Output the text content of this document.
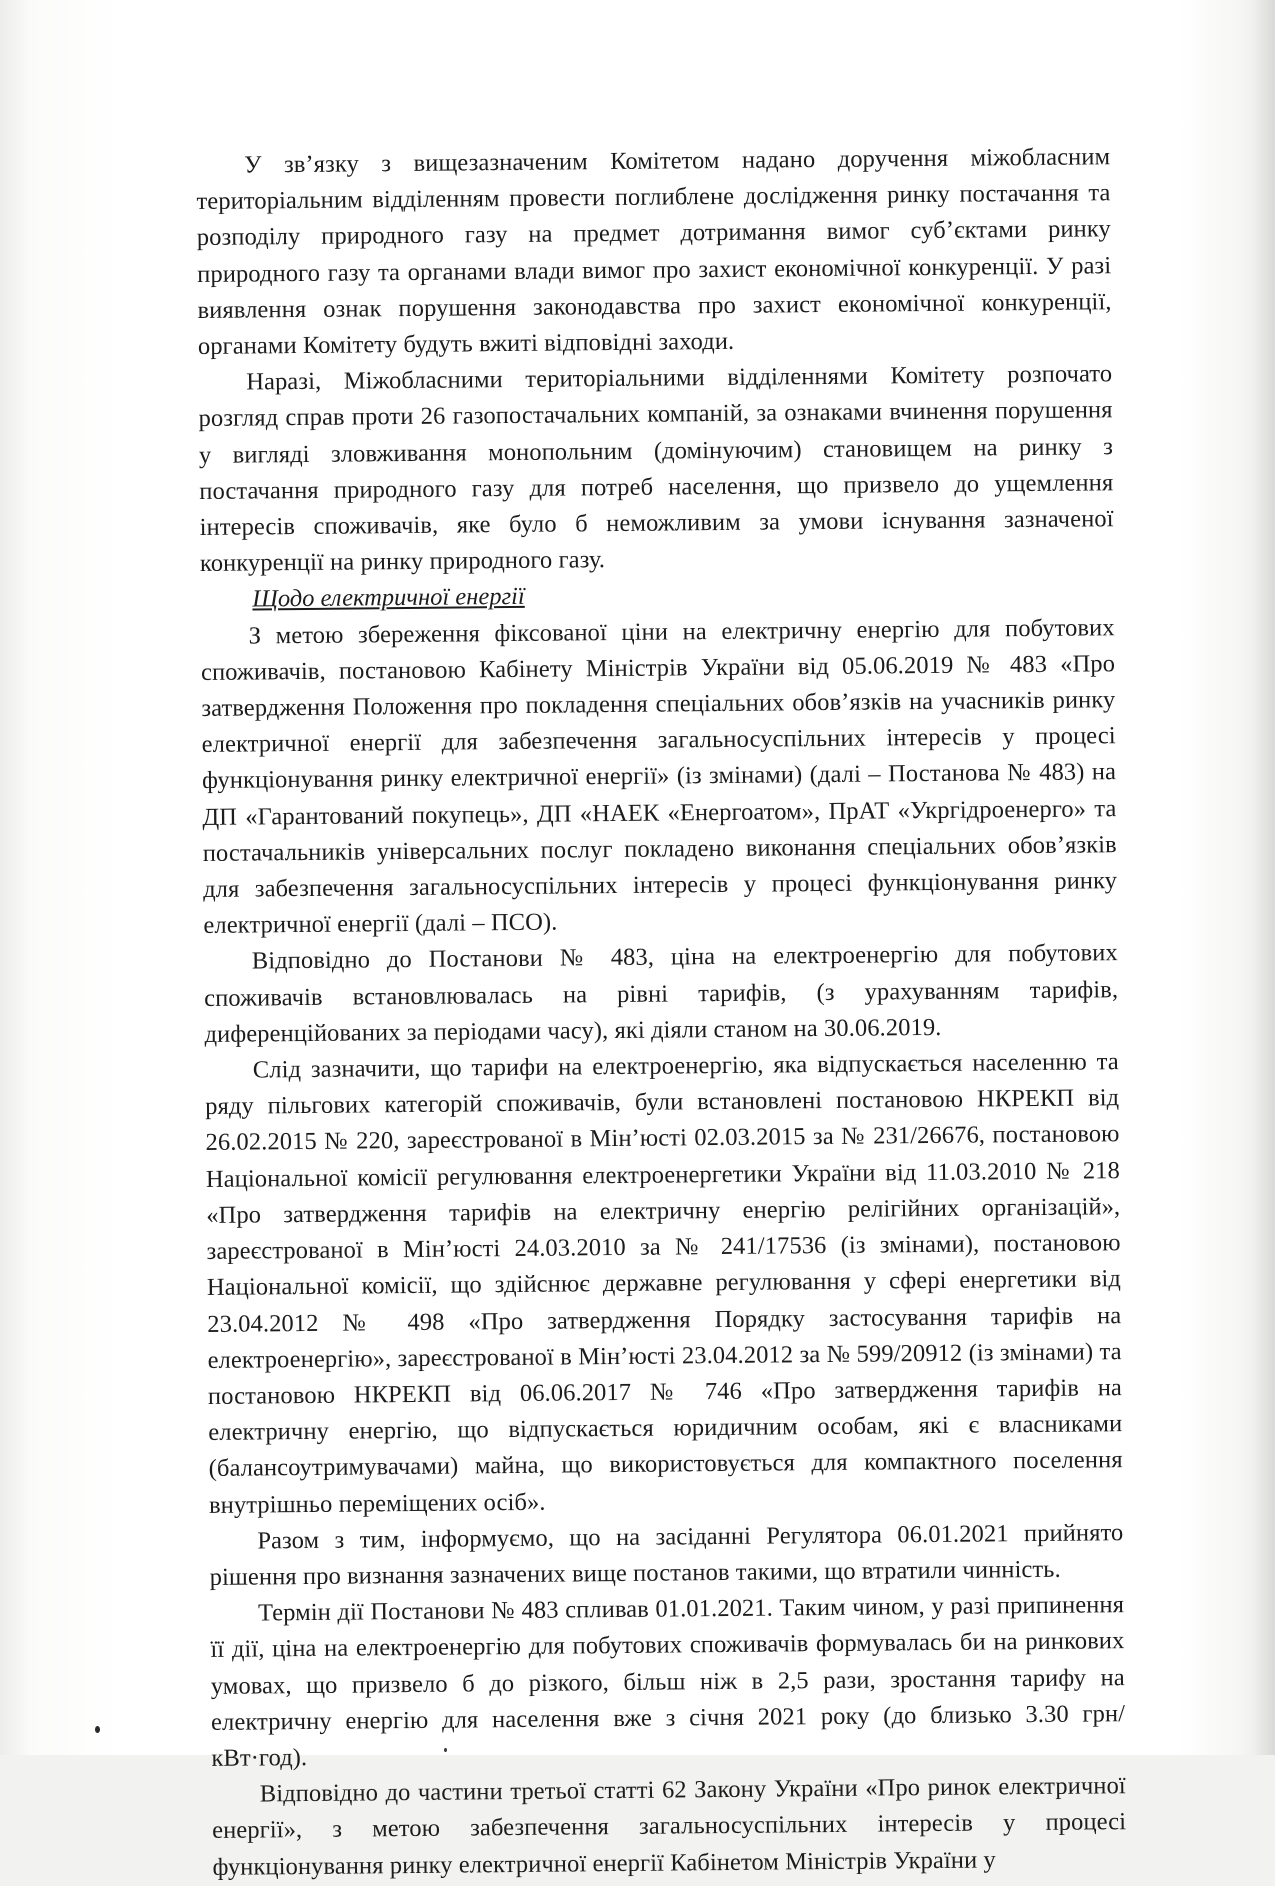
У зв’язку з вищезазначеним Комітетом надано доручення міжобласним територіальним відділенням провести поглиблене дослідження ринку постачання та розподілу природного газу на предмет дотримання вимог суб’єктами ринку природного газу та органами влади вимог про захист економічної конкуренції. У разі виявлення ознак порушення законодавства про захист економічної конкуренції, органами Комітету будуть вжиті відповідні заходи.

Наразі, Міжобласними територіальними відділеннями Комітету розпочато розгляд справ проти 26 газопостачальних компаній, за ознаками вчинення порушення у вигляді зловживання монопольним (домінуючим) становищем на ринку з постачання природного газу для потреб населення, що призвело до ущемлення інтересів споживачів, яке було б неможливим за умови існування зазначеної конкуренції на ринку природного газу.

Щодо електричної енергії

З метою збереження фіксованої ціни на електричну енергію для побутових споживачів, постановою Кабінету Міністрів України від 05.06.2019 № 483 «Про затвердження Положення про покладення спеціальних обов’язків на учасників ринку електричної енергії для забезпечення загальносуспільних інтересів у процесі функціонування ринку електричної енергії» (із змінами) (далі – Постанова № 483) на ДП «Гарантований покупець», ДП «НАЕК «Енергоатом», ПрАТ «Укргідроенерго» та постачальників універсальних послуг покладено виконання спеціальних обов’язків для забезпечення загальносуспільних інтересів у процесі функціонування ринку електричної енергії (далі – ПСО).

Відповідно до Постанови № 483, ціна на електроенергію для побутових споживачів встановлювалась на рівні тарифів, (з урахуванням тарифів, диференційованих за періодами часу), які діяли станом на 30.06.2019.

Слід зазначити, що тарифи на електроенергію, яка відпускається населенню та ряду пільгових категорій споживачів, були встановлені постановою НКРЕКП від 26.02.2015 № 220, зареєстрованої в Мін’юсті 02.03.2015 за № 231/26676, постановою Національної комісії регулювання електроенергетики України від 11.03.2010 № 218 «Про затвердження тарифів на електричну енергію релігійних організацій», зареєстрованої в Мін’юсті 24.03.2010 за № 241/17536 (із змінами), постановою Національної комісії, що здійснює державне регулювання у сфері енергетики від 23.04.2012 № 498 «Про затвердження Порядку застосування тарифів на електроенергію», зареєстрованої в Мін’юсті 23.04.2012 за № 599/20912 (із змінами) та постановою НКРЕКП від 06.06.2017 № 746 «Про затвердження тарифів на електричну енергію, що відпускається юридичним особам, які є власниками (балансоутримувачами) майна, що використовується для компактного поселення внутрішньо переміщених осіб».

Разом з тим, інформуємо, що на засіданні Регулятора 06.01.2021 прийнято рішення про визнання зазначених вище постанов такими, що втратили чинність.

Термін дії Постанови № 483 спливав 01.01.2021. Таким чином, у разі припинення її дії, ціна на електроенергію для побутових споживачів формувалась би на ринкових умовах, що призвело б до різкого, більш ніж в 2,5 рази, зростання тарифу на електричну енергію для населення вже з січня 2021 року (до близько 3.30 грн/кВт·год).

Відповідно до частини третьої статті 62 Закону України «Про ринок електричної енергії», з метою забезпечення загальносуспільних інтересів у процесі функціонування ринку електричної енергії Кабінетом Міністрів України у
